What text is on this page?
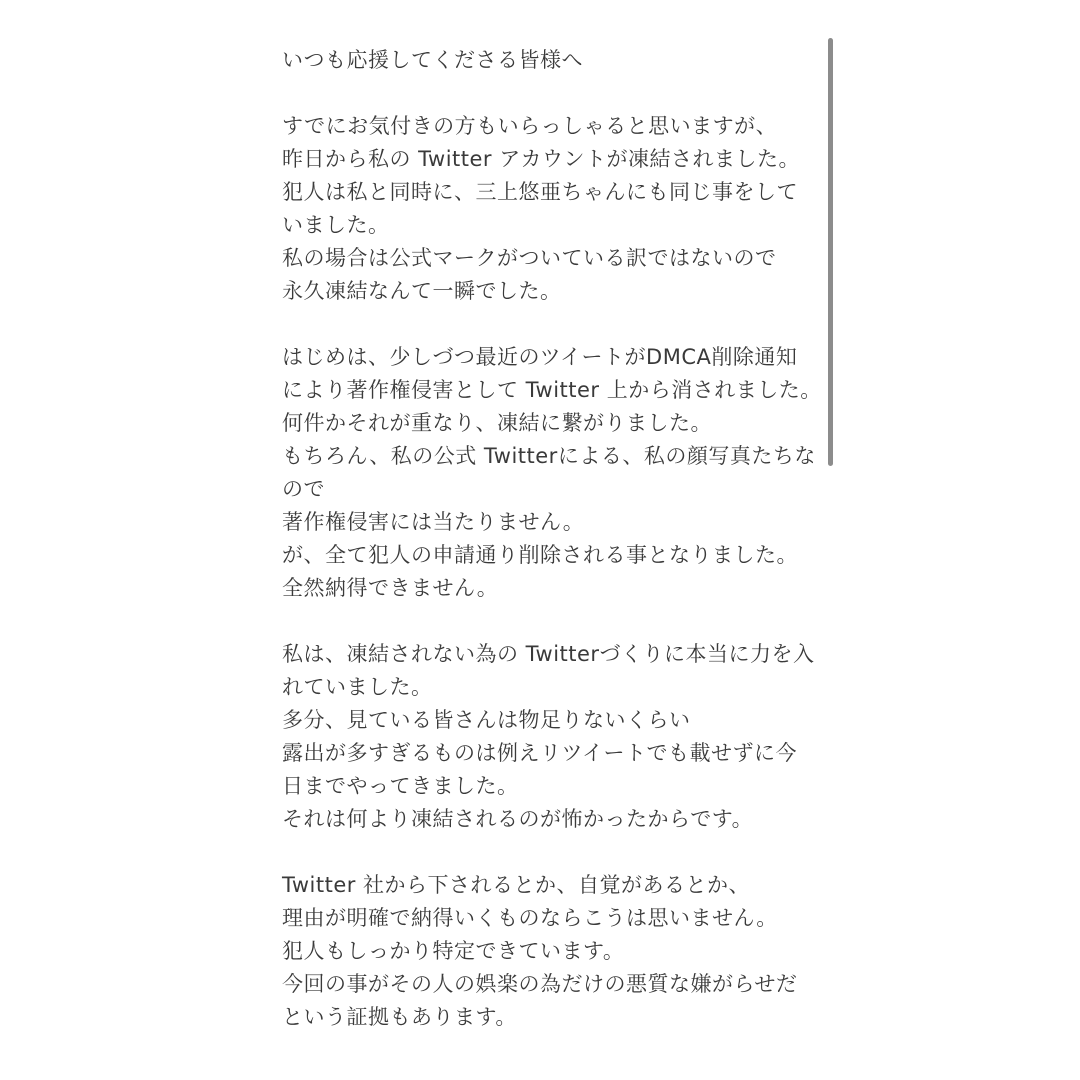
いつも応援してくださる皆様へ
すでにお気付きの方もいらっしゃると思いますが、
昨日から私の Twitter アカウントが凍結されました。
犯人は私と同時に、三上悠亜ちゃんにも同じ事をして
いました。
私の場合は公式マークがついている訳ではないので
永久凍結なんて一瞬でした。
はじめは、少しづつ最近のツイートがDMCA削除通知
により著作権侵害として Twitter 上から消されました。
何件かそれが重なり、凍結に繋がりました。
もちろん、私の公式 Twitterによる、私の顔写真たちな
ので
著作権侵害には当たりません。
が、全て犯人の申請通り削除される事となりました。
全然納得できません。
私は、凍結されない為の Twitterづくりに本当に力を入
れていました。
多分、見ている皆さんは物足りないくらい
露出が多すぎるものは例えリツイートでも載せずに今
日までやってきました。
それは何より凍結されるのが怖かったからです。
Twitter 社から下されるとか、自覚があるとか、
理由が明確で納得いくものならこうは思いません。
犯人もしっかり特定できています。
今回の事がその人の娯楽の為だけの悪質な嫌がらせだ
という証拠もあります。
